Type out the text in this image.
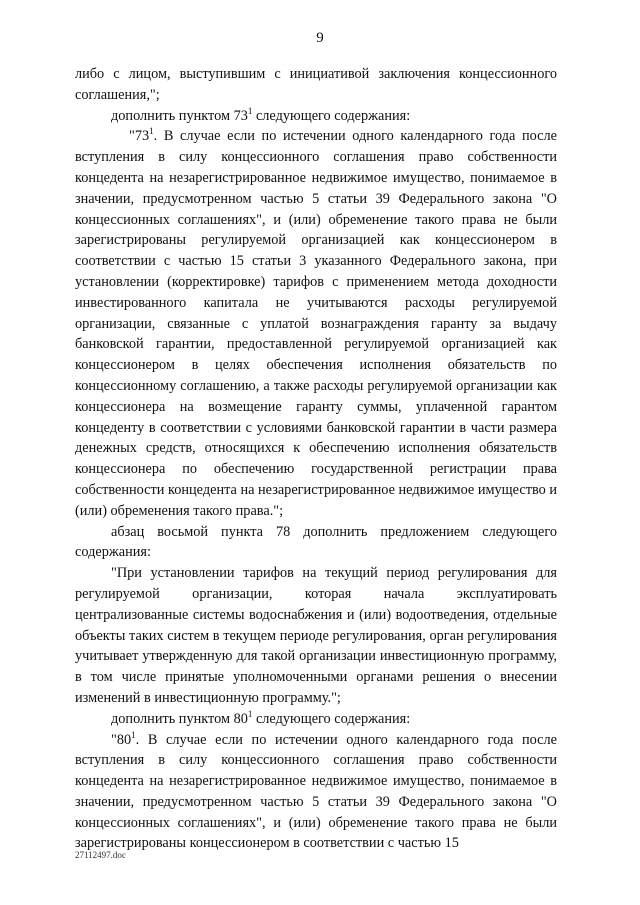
9

либо с лицом, выступившим с инициативой заключения концессионного соглашения,";

дополнить пунктом $73^1$ следующего содержания:

"$73^1$. В случае если по истечении одного календарного года после вступления в силу концессионного соглашения право собственности концедента на незарегистрированное недвижимое имущество, понимаемое в значении, предусмотренном частью 5 статьи 39 Федерального закона "О концессионных соглашениях", и (или) обременение такого права не были зарегистрированы регулируемой организацией как концессионером в соответствии с частью 15 статьи 3 указанного Федерального закона, при установлении (корректировке) тарифов с применением метода доходности инвестированного капитала не учитываются расходы регулируемой организации, связанные с уплатой вознаграждения гаранту за выдачу банковской гарантии, предоставленной регулируемой организацией как концессионером в целях обеспечения исполнения обязательств по концессионному соглашению, а также расходы регулируемой организации как концессионера на возмещение гаранту суммы, уплаченной гарантом концеденту в соответствии с условиями банковской гарантии в части размера денежных средств, относящихся к обеспечению исполнения обязательств концессионера по обеспечению государственной регистрации права собственности концедента на незарегистрированное недвижимое имущество и (или) обременения такого права.";

абзац восьмой пункта 78 дополнить предложением следующего содержания:

"При установлении тарифов на текущий период регулирования для регулируемой организации, которая начала эксплуатировать централизованные системы водоснабжения и (или) водоотведения, отдельные объекты таких систем в текущем периоде регулирования, орган регулирования учитывает утвержденную для такой организации инвестиционную программу, в том числе принятые уполномоченными органами решения о внесении изменений в инвестиционную программу.";

дополнить пунктом $80^1$ следующего содержания:

"$80^1$. В случае если по истечении одного календарного года после вступления в силу концессионного соглашения право собственности концедента на незарегистрированное недвижимое имущество, понимаемое в значении, предусмотренном частью 5 статьи 39 Федерального закона "О концессионных соглашениях", и (или) обременение такого права не были зарегистрированы концессионером в соответствии с частью 15

2711249​7.doc
